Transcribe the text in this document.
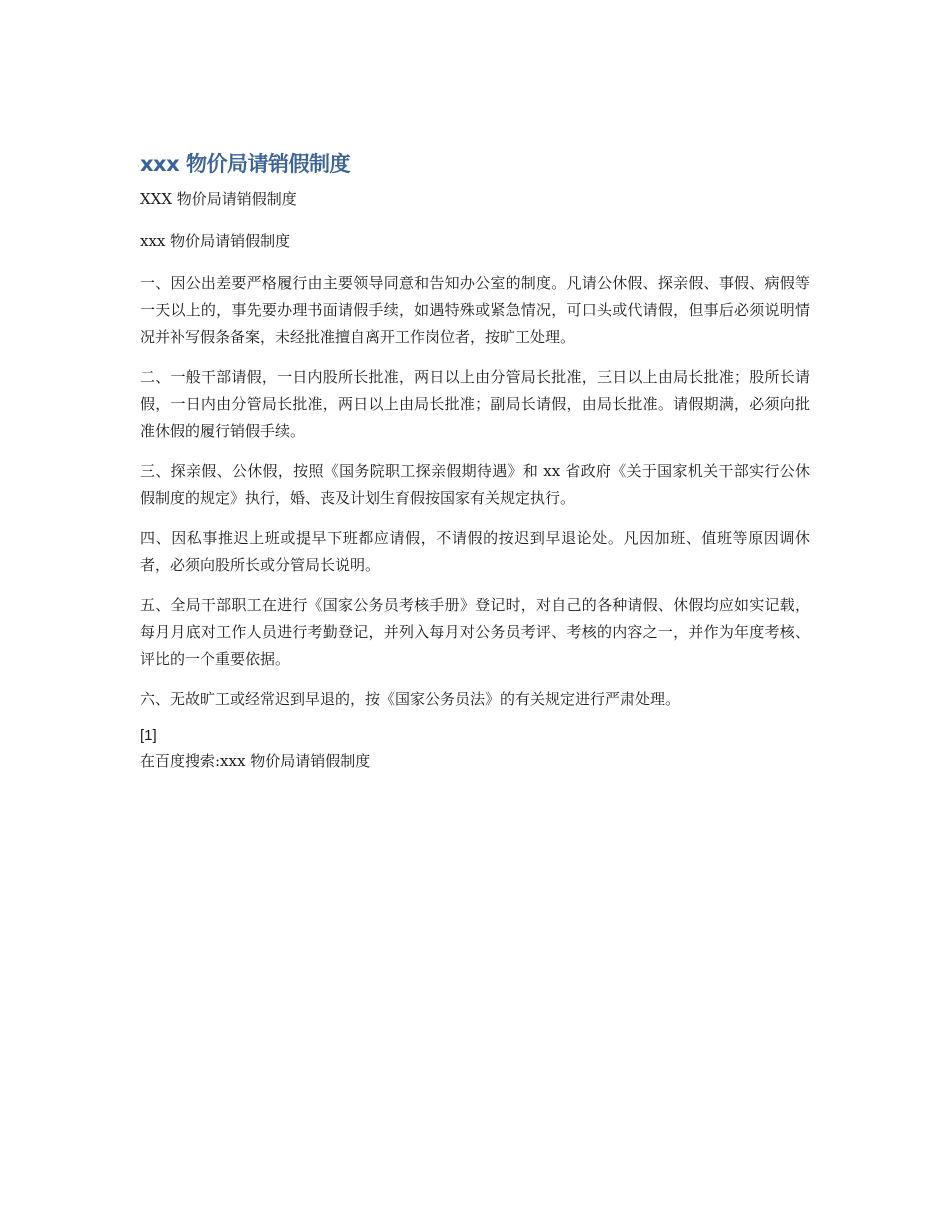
xxx 物价局请销假制度

XXX 物价局请销假制度

xxx 物价局请销假制度

一、因公出差要严格履行由主要领导同意和告知办公室的制度。凡请公休假、探亲假、事假、病假等一天以上的，事先要办理书面请假手续，如遇特殊或紧急情况，可口头或代请假，但事后必须说明情况并补写假条备案，未经批准擅自离开工作岗位者，按旷工处理。

二、一般干部请假，一日内股所长批准，两日以上由分管局长批准，三日以上由局长批准；股所长请假，一日内由分管局长批准，两日以上由局长批准；副局长请假，由局长批准。请假期满，必须向批准休假的履行销假手续。

三、探亲假、公休假，按照《国务院职工探亲假期待遇》和 xx 省政府《关于国家机关干部实行公休假制度的规定》执行，婚、丧及计划生育假按国家有关规定执行。

四、因私事推迟上班或提早下班都应请假，不请假的按迟到早退论处。凡因加班、值班等原因调休者，必须向股所长或分管局长说明。

五、全局干部职工在进行《国家公务员考核手册》登记时，对自己的各种请假、休假均应如实记载，每月月底对工作人员进行考勤登记，并列入每月对公务员考评、考核的内容之一，并作为年度考核、评比的一个重要依据。

六、无故旷工或经常迟到早退的，按《国家公务员法》的有关规定进行严肃处理。

[1]

在百度搜索:xxx 物价局请销假制度
